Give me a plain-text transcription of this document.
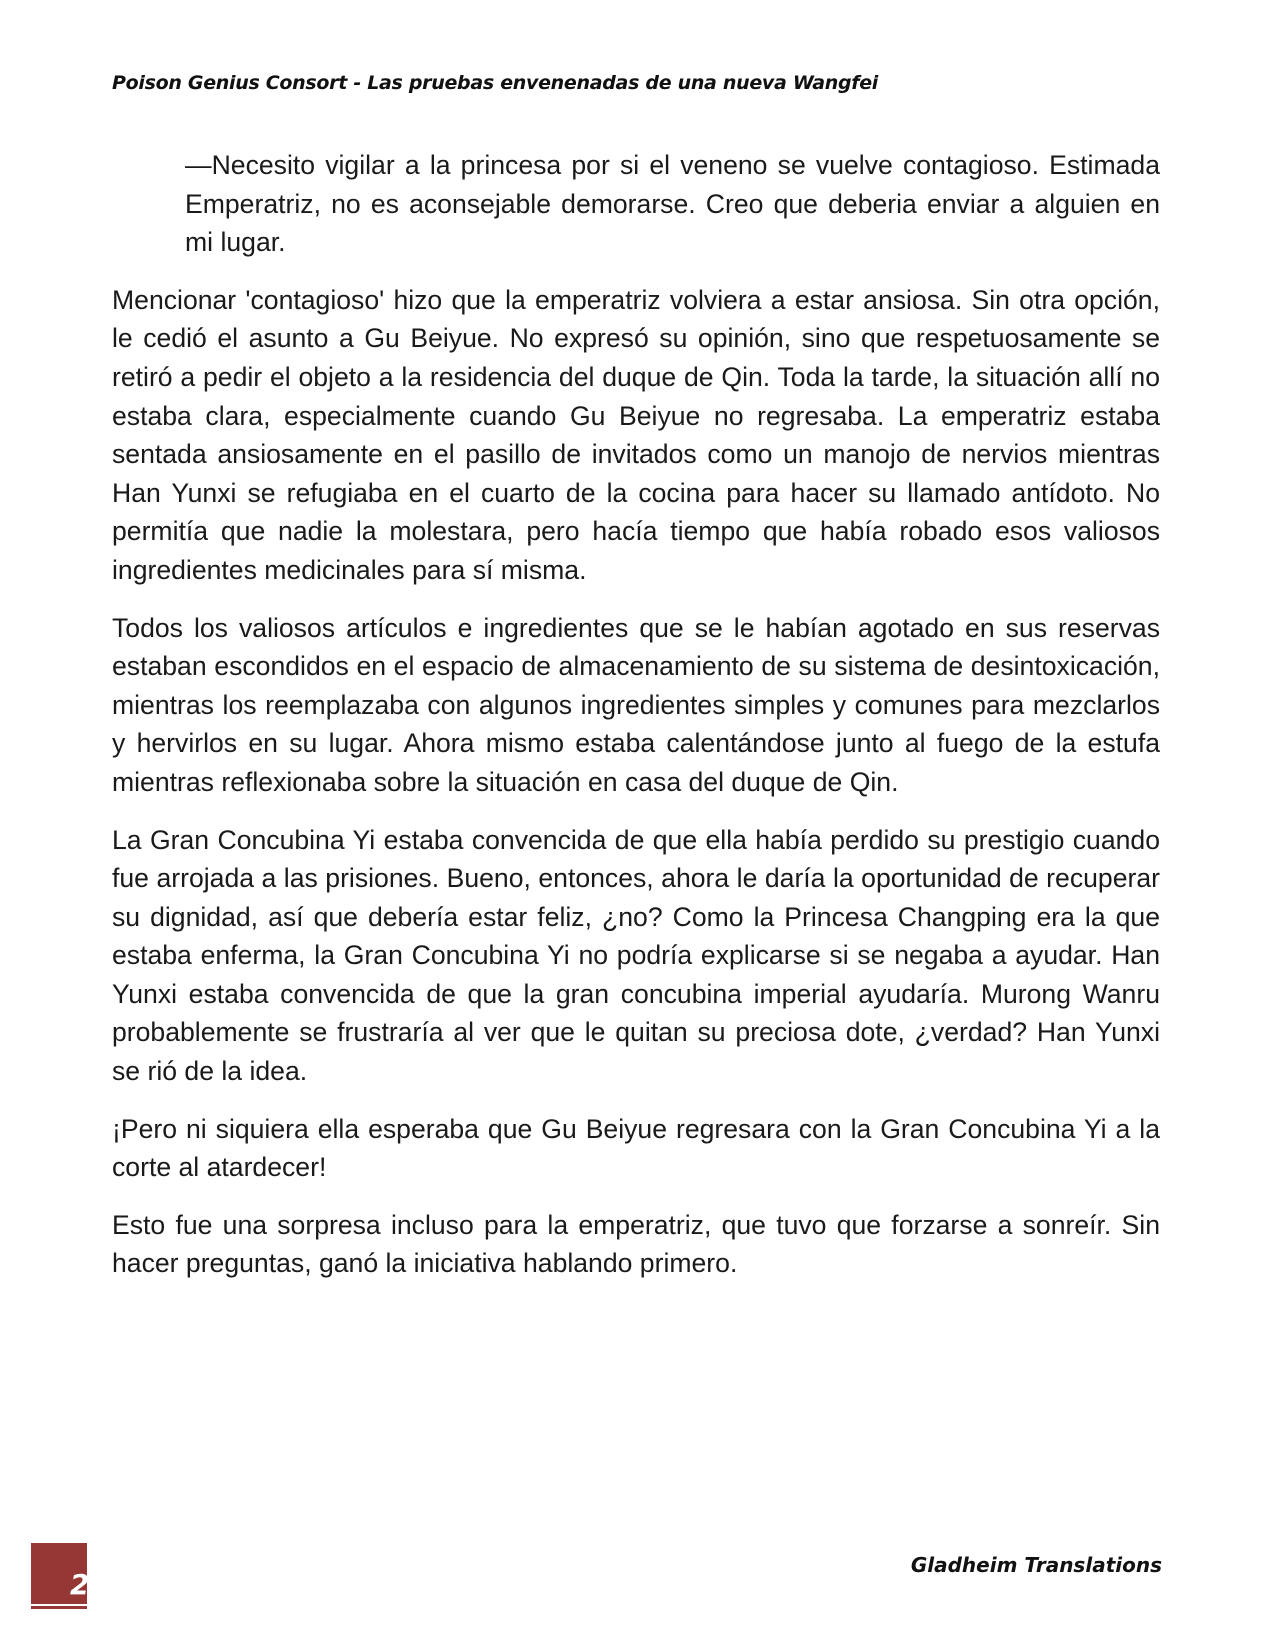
Poison Genius Consort - Las pruebas envenenadas de una nueva Wangfei

—Necesito vigilar a la princesa por si el veneno se vuelve contagioso. Estimada Emperatriz, no es aconsejable demorarse. Creo que deberia enviar a alguien en mi lugar.

Mencionar 'contagioso' hizo que la emperatriz volviera a estar ansiosa. Sin otra opción, le cedió el asunto a Gu Beiyue. No expresó su opinión, sino que respetuosamente se retiró a pedir el objeto a la residencia del duque de Qin. Toda la tarde, la situación allí no estaba clara, especialmente cuando Gu Beiyue no regresaba. La emperatriz estaba sentada ansiosamente en el pasillo de invitados como un manojo de nervios mientras Han Yunxi se refugiaba en el cuarto de la cocina para hacer su llamado antídoto. No permitía que nadie la molestara, pero hacía tiempo que había robado esos valiosos ingredientes medicinales para sí misma.

Todos los valiosos artículos e ingredientes que se le habían agotado en sus reservas estaban escondidos en el espacio de almacenamiento de su sistema de desintoxicación, mientras los reemplazaba con algunos ingredientes simples y comunes para mezclarlos y hervirlos en su lugar. Ahora mismo estaba calentándose junto al fuego de la estufa mientras reflexionaba sobre la situación en casa del duque de Qin.

La Gran Concubina Yi estaba convencida de que ella había perdido su prestigio cuando fue arrojada a las prisiones. Bueno, entonces, ahora le daría la oportunidad de recuperar su dignidad, así que debería estar feliz, ¿no? Como la Princesa Changping era la que estaba enferma, la Gran Concubina Yi no podría explicarse si se negaba a ayudar. Han Yunxi estaba convencida de que la gran concubina imperial ayudaría. Murong Wanru probablemente se frustraría al ver que le quitan su preciosa dote, ¿verdad? Han Yunxi se rió de la idea.

¡Pero ni siquiera ella esperaba que Gu Beiyue regresara con la Gran Concubina Yi a la corte al atardecer!

Esto fue una sorpresa incluso para la emperatriz, que tuvo que forzarse a sonreír. Sin hacer preguntas, ganó la iniciativa hablando primero.

2
Gladheim Translations
